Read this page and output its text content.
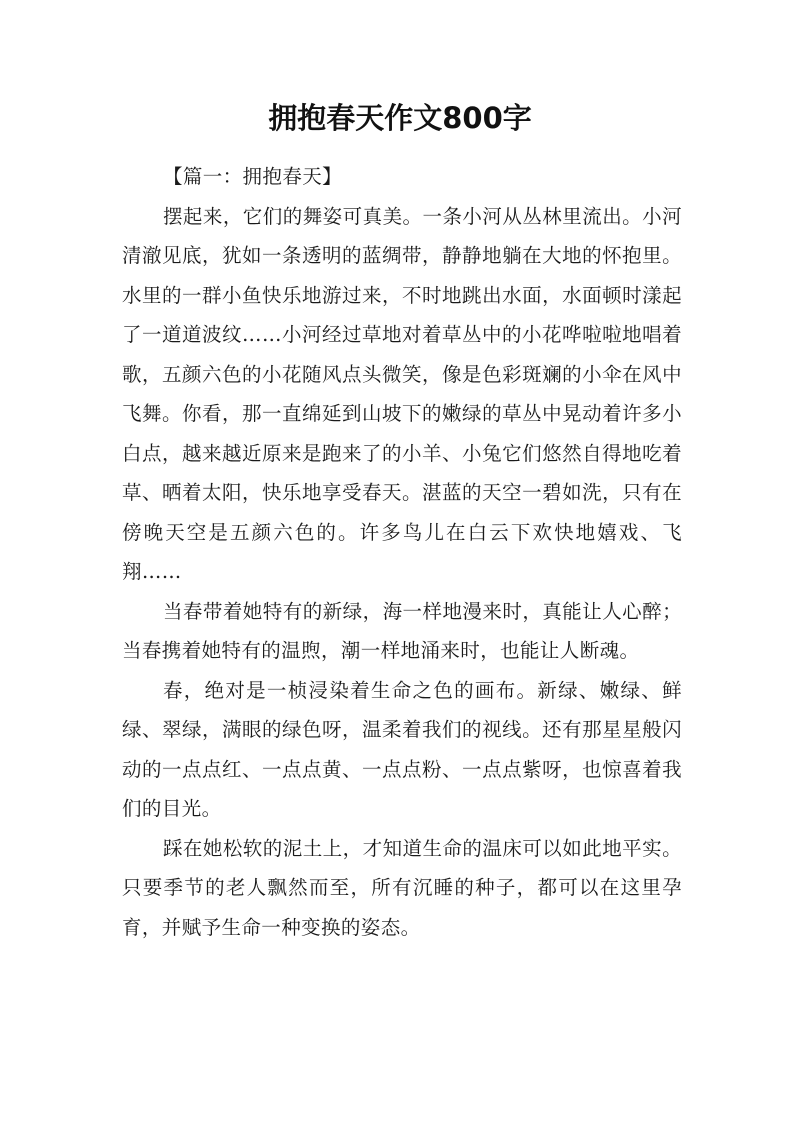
拥抱春天作文800字

【篇一：拥抱春天】

摆起来，它们的舞姿可真美。一条小河从丛林里流出。小河清澈见底，犹如一条透明的蓝绸带，静静地躺在大地的怀抱里。水里的一群小鱼快乐地游过来，不时地跳出水面，水面顿时漾起了一道道波纹……小河经过草地对着草丛中的小花哗啦啦地唱着歌，五颜六色的小花随风点头微笑，像是色彩斑斓的小伞在风中飞舞。你看，那一直绵延到山坡下的嫩绿的草丛中晃动着许多小白点，越来越近原来是跑来了的小羊、小兔它们悠然自得地吃着草、晒着太阳，快乐地享受春天。湛蓝的天空一碧如洗，只有在傍晚天空是五颜六色的。许多鸟儿在白云下欢快地嬉戏、飞翔……

当春带着她特有的新绿，海一样地漫来时，真能让人心醉；当春携着她特有的温煦，潮一样地涌来时，也能让人断魂。

春，绝对是一桢浸染着生命之色的画布。新绿、嫩绿、鲜绿、翠绿，满眼的绿色呀，温柔着我们的视线。还有那星星般闪动的一点点红、一点点黄、一点点粉、一点点紫呀，也惊喜着我们的目光。

踩在她松软的泥土上，才知道生命的温床可以如此地平实。只要季节的老人飘然而至，所有沉睡的种子，都可以在这里孕育，并赋予生命一种变换的姿态。
